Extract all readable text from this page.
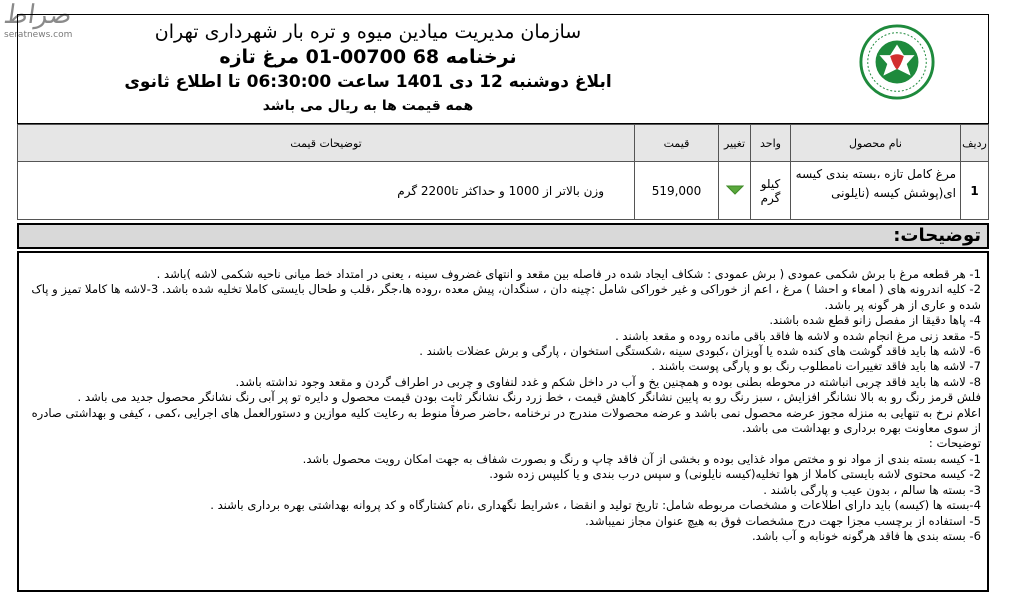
صراط
seratnews.com	سازمان مدیریت میادین میوه و تره بار شهرداری تهران
نرخنامه 68 00700-01 مرغ تازه
ابلاغ دوشنبه 12 دی 1401 ساعت 06:30:00 تا اطلاع ثانوی
همه قیمت ها به ریال می باشد
ردیف	نام محصول	واحد	تغییر	قیمت	توضیحات قیمت
1	مرغ کامل تازه ،بسته بندی کیسه ای(پوشش کیسه (نایلونی	کیلو گرم		519,000	وزن بالاتر از 1000 و حداکثر تا2200 گرم
توضیحات:
1- هر قطعه مرغ با برش شکمی عمودی ( برش عمودی : شکاف ایجاد شده در فاصله بین مقعد و انتهای غضروف سینه ، یعنی در امتداد خط میانی ناحیه شکمی لاشه )باشد .
2- کلیه اندرونه های ( امعاء و احشا ) مرغ ، اعم از خوراکی و غیر خوراکی شامل :چینه دان ، سنگدان، پیش معده ،روده ها،جگر ،قلب و طحال بایستی کاملا تخلیه شده باشد. 3-لاشه ها کاملا تمیز و پاک شده و عاری از هر گونه پر باشد.
4- پاها دقیقا از مفصل زانو قطع شده باشند.
5- مقعد زنی مرغ انجام شده و لاشه ها فاقد باقی مانده روده و مقعد باشند .
6- لاشه ها باید فاقد گوشت های کنده شده یا آویزان ،کبودی سینه ،شکستگی استخوان ، پارگی و برش عضلات باشند .
7- لاشه ها باید فاقد تغییرات نامطلوب رنگ بو و پارگی پوست باشند .
8- لاشه ها باید فاقد چربی انباشته در محوطه بطنی بوده و همچنین یخ و آب در داخل شکم و غدد لنفاوی و چربی در اطراف گردن و مقعد وجود نداشته باشد.
فلش قرمز رنگ رو به بالا نشانگر افزایش ، سبز رنگ رو به پایین نشانگر کاهش قیمت ، خط زرد رنگ نشانگر ثابت بودن قیمت محصول و دایره تو پر آبی رنگ نشانگر محصول جدید می باشد .
اعلام نرخ به تنهایی به منزله مجوز عرضه محصول نمی باشد و عرضه محصولات مندرج در نرخنامه ،حاضر صرفاً منوط به رعایت کلیه موازین و دستورالعمل های اجرایی ،کمی ، کیفی و بهداشتی صادره از سوی معاونت بهره برداری و بهداشت می باشد.
توضیحات :
1- کیسه بسته بندی از مواد نو و مختص مواد غذایی بوده و بخشی از آن فاقد چاپ و رنگ و بصورت شفاف به جهت امکان رویت محصول باشد.
2- کیسه محتوی لاشه بایستی کاملا از هوا تخلیه(کیسه نایلونی) و سپس درب بندی و یا کلیپس زده شود.
3- بسته ها سالم ، بدون عیب و پارگی باشند .
4-بسته ها (کیسه) باید دارای اطلاعات و مشخصات مربوطه شامل: تاریخ تولید و انقضا ، ءشرایط نگهداری ،نام کشتارگاه و کد پروانه بهداشتی بهره برداری باشند .
5- استفاده از برچسب مجزا جهت درج مشخصات فوق به هیچ عنوان مجاز نمیباشد.
6- بسته بندی ها فاقد هرگونه خونابه و آب باشد.
